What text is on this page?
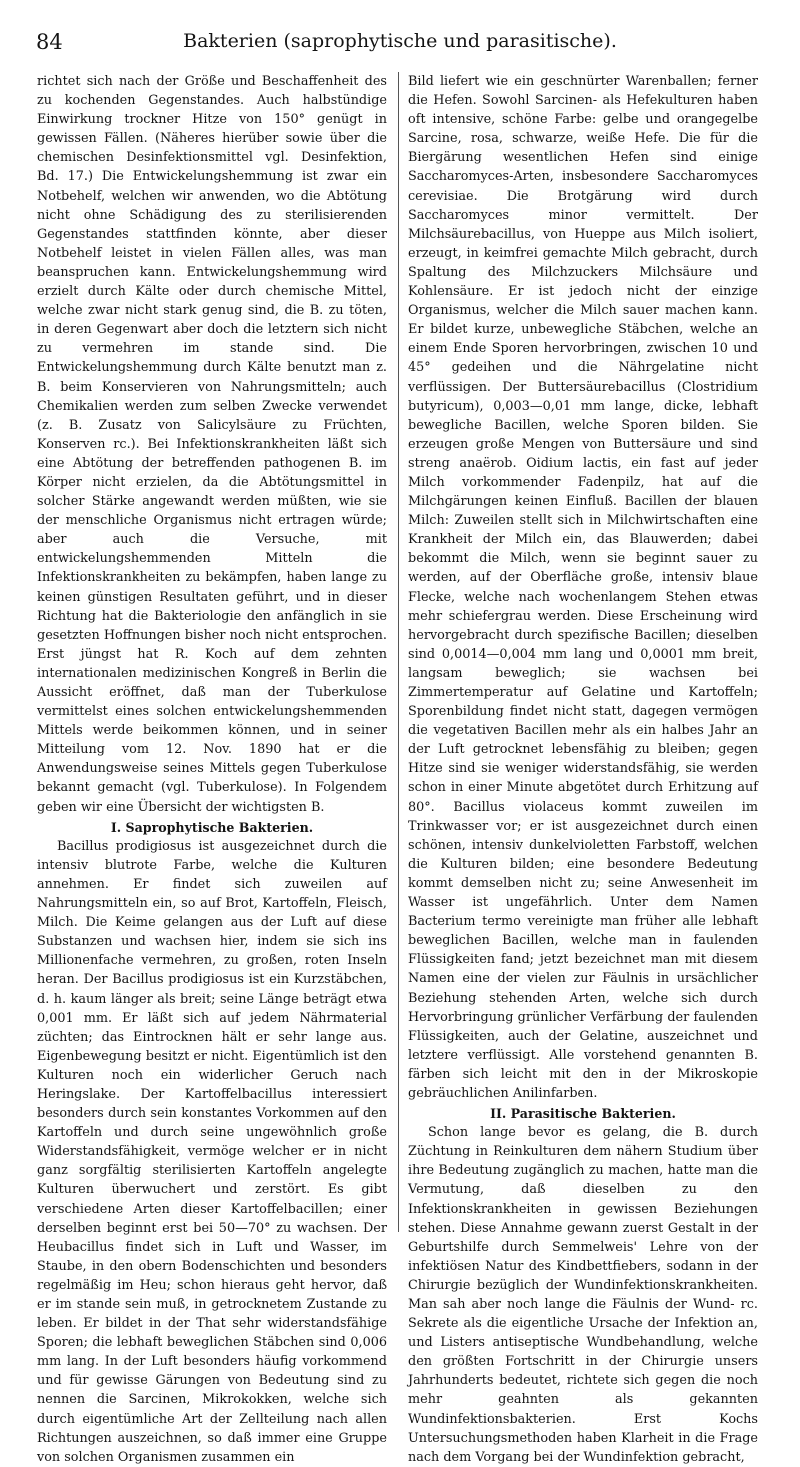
84	Bakterien (saprophytische und parasitische).

richtet sich nach der Größe und Beschaffenheit des zu kochenden Gegenstandes. Auch halbstündige Einwirkung trockner Hitze von 150° genügt in gewissen Fällen. (Näheres hierüber sowie über die chemischen Desinfektionsmittel vgl. Desinfektion, Bd. 17.) Die Entwickelungshemmung ist zwar ein Notbehelf, welchen wir anwenden, wo die Abtötung nicht ohne Schädigung des zu sterilisierenden Gegenstandes stattfinden könnte, aber dieser Notbehelf leistet in vielen Fällen alles, was man beanspruchen kann. Entwickelungshemmung wird erzielt durch Kälte oder durch chemische Mittel, welche zwar nicht stark genug sind, die B. zu töten, in deren Gegenwart aber doch die letztern sich nicht zu vermehren im stande sind. Die Entwickelungshemmung durch Kälte benutzt man z. B. beim Konservieren von Nahrungsmitteln; auch Chemikalien werden zum selben Zwecke verwendet (z. B. Zusatz von Salicylsäure zu Früchten, Konserven rc.). Bei Infektionskrankheiten läßt sich eine Abtötung der betreffenden pathogenen B. im Körper nicht erzielen, da die Abtötungsmittel in solcher Stärke angewandt werden müßten, wie sie der menschliche Organismus nicht ertragen würde; aber auch die Versuche, mit entwickelungshemmenden Mitteln die Infektionskrankheiten zu bekämpfen, haben lange zu keinen günstigen Resultaten geführt, und in dieser Richtung hat die Bakteriologie den anfänglich in sie gesetzten Hoffnungen bisher noch nicht entsprochen. Erst jüngst hat R. Koch auf dem zehnten internationalen medizinischen Kongreß in Berlin die Aussicht eröffnet, daß man der Tuberkulose vermittelst eines solchen entwickelungshemmenden Mittels werde beikommen können, und in seiner Mitteilung vom 12. Nov. 1890 hat er die Anwendungsweise seines Mittels gegen Tuberkulose bekannt gemacht (vgl. Tuberkulose). In Folgendem geben wir eine Übersicht der wichtigsten B.

I. Saprophytische Bakterien.

Bacillus prodigiosus ist ausgezeichnet durch die intensiv blutrote Farbe, welche die Kulturen annehmen. Er findet sich zuweilen auf Nahrungsmitteln ein, so auf Brot, Kartoffeln, Fleisch, Milch. Die Keime gelangen aus der Luft auf diese Substanzen und wachsen hier, indem sie sich ins Millionenfache vermehren, zu großen, roten Inseln heran. Der Bacillus prodigiosus ist ein Kurzstäbchen, d. h. kaum länger als breit; seine Länge beträgt etwa 0,001 mm. Er läßt sich auf jedem Nährmaterial züchten; das Eintrocknen hält er sehr lange aus. Eigenbewegung besitzt er nicht. Eigentümlich ist den Kulturen noch ein widerlicher Geruch nach Heringslake. Der Kartoffelbacillus interessiert besonders durch sein konstantes Vorkommen auf den Kartoffeln und durch seine ungewöhnlich große Widerstandsfähigkeit, vermöge welcher er in nicht ganz sorgfältig sterilisierten Kartoffeln angelegte Kulturen überwuchert und zerstört. Es gibt verschiedene Arten dieser Kartoffelbacillen; einer derselben beginnt erst bei 50—70° zu wachsen. Der Heubacillus findet sich in Luft und Wasser, im Staube, in den obern Bodenschichten und besonders regelmäßig im Heu; schon hieraus geht hervor, daß er im stande sein muß, in getrocknetem Zustande zu leben. Er bildet in der That sehr widerstandsfähige Sporen; die lebhaft beweglichen Stäbchen sind 0,006 mm lang. In der Luft besonders häufig vorkommend und für gewisse Gärungen von Bedeutung sind zu nennen die Sarcinen, Mikrokokken, welche sich durch eigentümliche Art der Zellteilung nach allen Richtungen auszeichnen, so daß immer eine Gruppe von solchen Organismen zusammen ein

Bild liefert wie ein geschnürter Warenballen; ferner die Hefen. Sowohl Sarcinen- als Hefekulturen haben oft intensive, schöne Farbe: gelbe und orangegelbe Sarcine, rosa, schwarze, weiße Hefe. Die für die Biergärung wesentlichen Hefen sind einige Saccharomyces-Arten, insbesondere Saccharomyces cerevisiae. Die Brotgärung wird durch Saccharomyces minor vermittelt. Der Milchsäurebacillus, von Hueppe aus Milch isoliert, erzeugt, in keimfrei gemachte Milch gebracht, durch Spaltung des Milchzuckers Milchsäure und Kohlensäure. Er ist jedoch nicht der einzige Organismus, welcher die Milch sauer machen kann. Er bildet kurze, unbewegliche Stäbchen, welche an einem Ende Sporen hervorbringen, zwischen 10 und 45° gedeihen und die Nährgelatine nicht verflüssigen. Der Buttersäurebacillus (Clostridium butyricum), 0,003—0,01 mm lange, dicke, lebhaft bewegliche Bacillen, welche Sporen bilden. Sie erzeugen große Mengen von Buttersäure und sind streng anaërob. Oidium lactis, ein fast auf jeder Milch vorkommender Fadenpilz, hat auf die Milchgärungen keinen Einfluß. Bacillen der blauen Milch: Zuweilen stellt sich in Milchwirtschaften eine Krankheit der Milch ein, das Blauwerden; dabei bekommt die Milch, wenn sie beginnt sauer zu werden, auf der Oberfläche große, intensiv blaue Flecke, welche nach wochenlangem Stehen etwas mehr schiefergrau werden. Diese Erscheinung wird hervorgebracht durch spezifische Bacillen; dieselben sind 0,0014—0,004 mm lang und 0,0001 mm breit, langsam beweglich; sie wachsen bei Zimmertemperatur auf Gelatine und Kartoffeln; Sporenbildung findet nicht statt, dagegen vermögen die vegetativen Bacillen mehr als ein halbes Jahr an der Luft getrocknet lebensfähig zu bleiben; gegen Hitze sind sie weniger widerstandsfähig, sie werden schon in einer Minute abgetötet durch Erhitzung auf 80°. Bacillus violaceus kommt zuweilen im Trinkwasser vor; er ist ausgezeichnet durch einen schönen, intensiv dunkelvioletten Farbstoff, welchen die Kulturen bilden; eine besondere Bedeutung kommt demselben nicht zu; seine Anwesenheit im Wasser ist ungefährlich. Unter dem Namen Bacterium termo vereinigte man früher alle lebhaft beweglichen Bacillen, welche man in faulenden Flüssigkeiten fand; jetzt bezeichnet man mit diesem Namen eine der vielen zur Fäulnis in ursächlicher Beziehung stehenden Arten, welche sich durch Hervorbringung grünlicher Verfärbung der faulenden Flüssigkeiten, auch der Gelatine, auszeichnet und letztere verflüssigt. Alle vorstehend genannten B. färben sich leicht mit den in der Mikroskopie gebräuchlichen Anilinfarben.

II. Parasitische Bakterien.

Schon lange bevor es gelang, die B. durch Züchtung in Reinkulturen dem nähern Studium über ihre Bedeutung zugänglich zu machen, hatte man die Vermutung, daß dieselben zu den Infektionskrankheiten in gewissen Beziehungen stehen. Diese Annahme gewann zuerst Gestalt in der Geburtshilfe durch Semmelweis' Lehre von der infektiösen Natur des Kindbettfiebers, sodann in der Chirurgie bezüglich der Wundinfektionskrankheiten. Man sah aber noch lange die Fäulnis der Wund- rc. Sekrete als die eigentliche Ursache der Infektion an, und Listers antiseptische Wundbehandlung, welche den größten Fortschritt in der Chirurgie unsers Jahrhunderts bedeutet, richtete sich gegen die noch mehr geahnten als gekannten Wundinfektionsbakterien. Erst Kochs Untersuchungsmethoden haben Klarheit in die Frage nach dem Vorgang bei der Wundinfektion gebracht,
